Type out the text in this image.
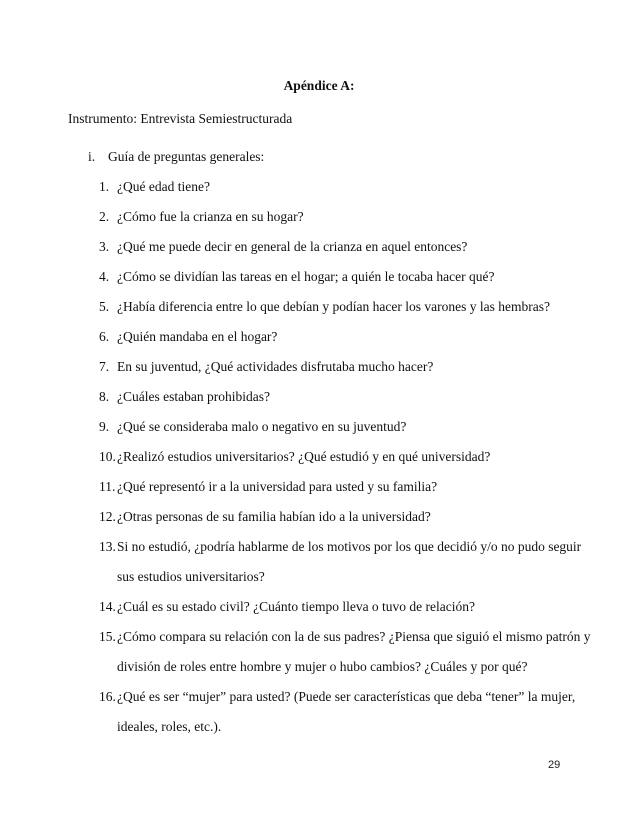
Apéndice A:
Instrumento: Entrevista Semiestructurada
i. Guía de preguntas generales:
1. ¿Qué edad tiene?
2. ¿Cómo fue la crianza en su hogar?
3. ¿Qué me puede decir en general de la crianza en aquel entonces?
4. ¿Cómo se dividían las tareas en el hogar; a quién le tocaba hacer qué?
5. ¿Había diferencia entre lo que debían y podían hacer los varones y las hembras?
6. ¿Quién mandaba en el hogar?
7. En su juventud, ¿Qué actividades disfrutaba mucho hacer?
8. ¿Cuáles estaban prohibidas?
9. ¿Qué se consideraba malo o negativo en su juventud?
10. ¿Realizó estudios universitarios? ¿Qué estudió y en qué universidad?
11. ¿Qué representó ir a la universidad para usted y su familia?
12. ¿Otras personas de su familia habían ido a la universidad?
13. Si no estudió, ¿podría hablarme de los motivos por los que decidió y/o no pudo seguir
sus estudios universitarios?
14. ¿Cuál es su estado civil? ¿Cuánto tiempo lleva o tuvo de relación?
15. ¿Cómo compara su relación con la de sus padres? ¿Piensa que siguió el mismo patrón y
división de roles entre hombre y mujer o hubo cambios? ¿Cuáles y por qué?
16. ¿Qué es ser “mujer” para usted? (Puede ser características que deba “tener” la mujer,
ideales, roles, etc.).
29
